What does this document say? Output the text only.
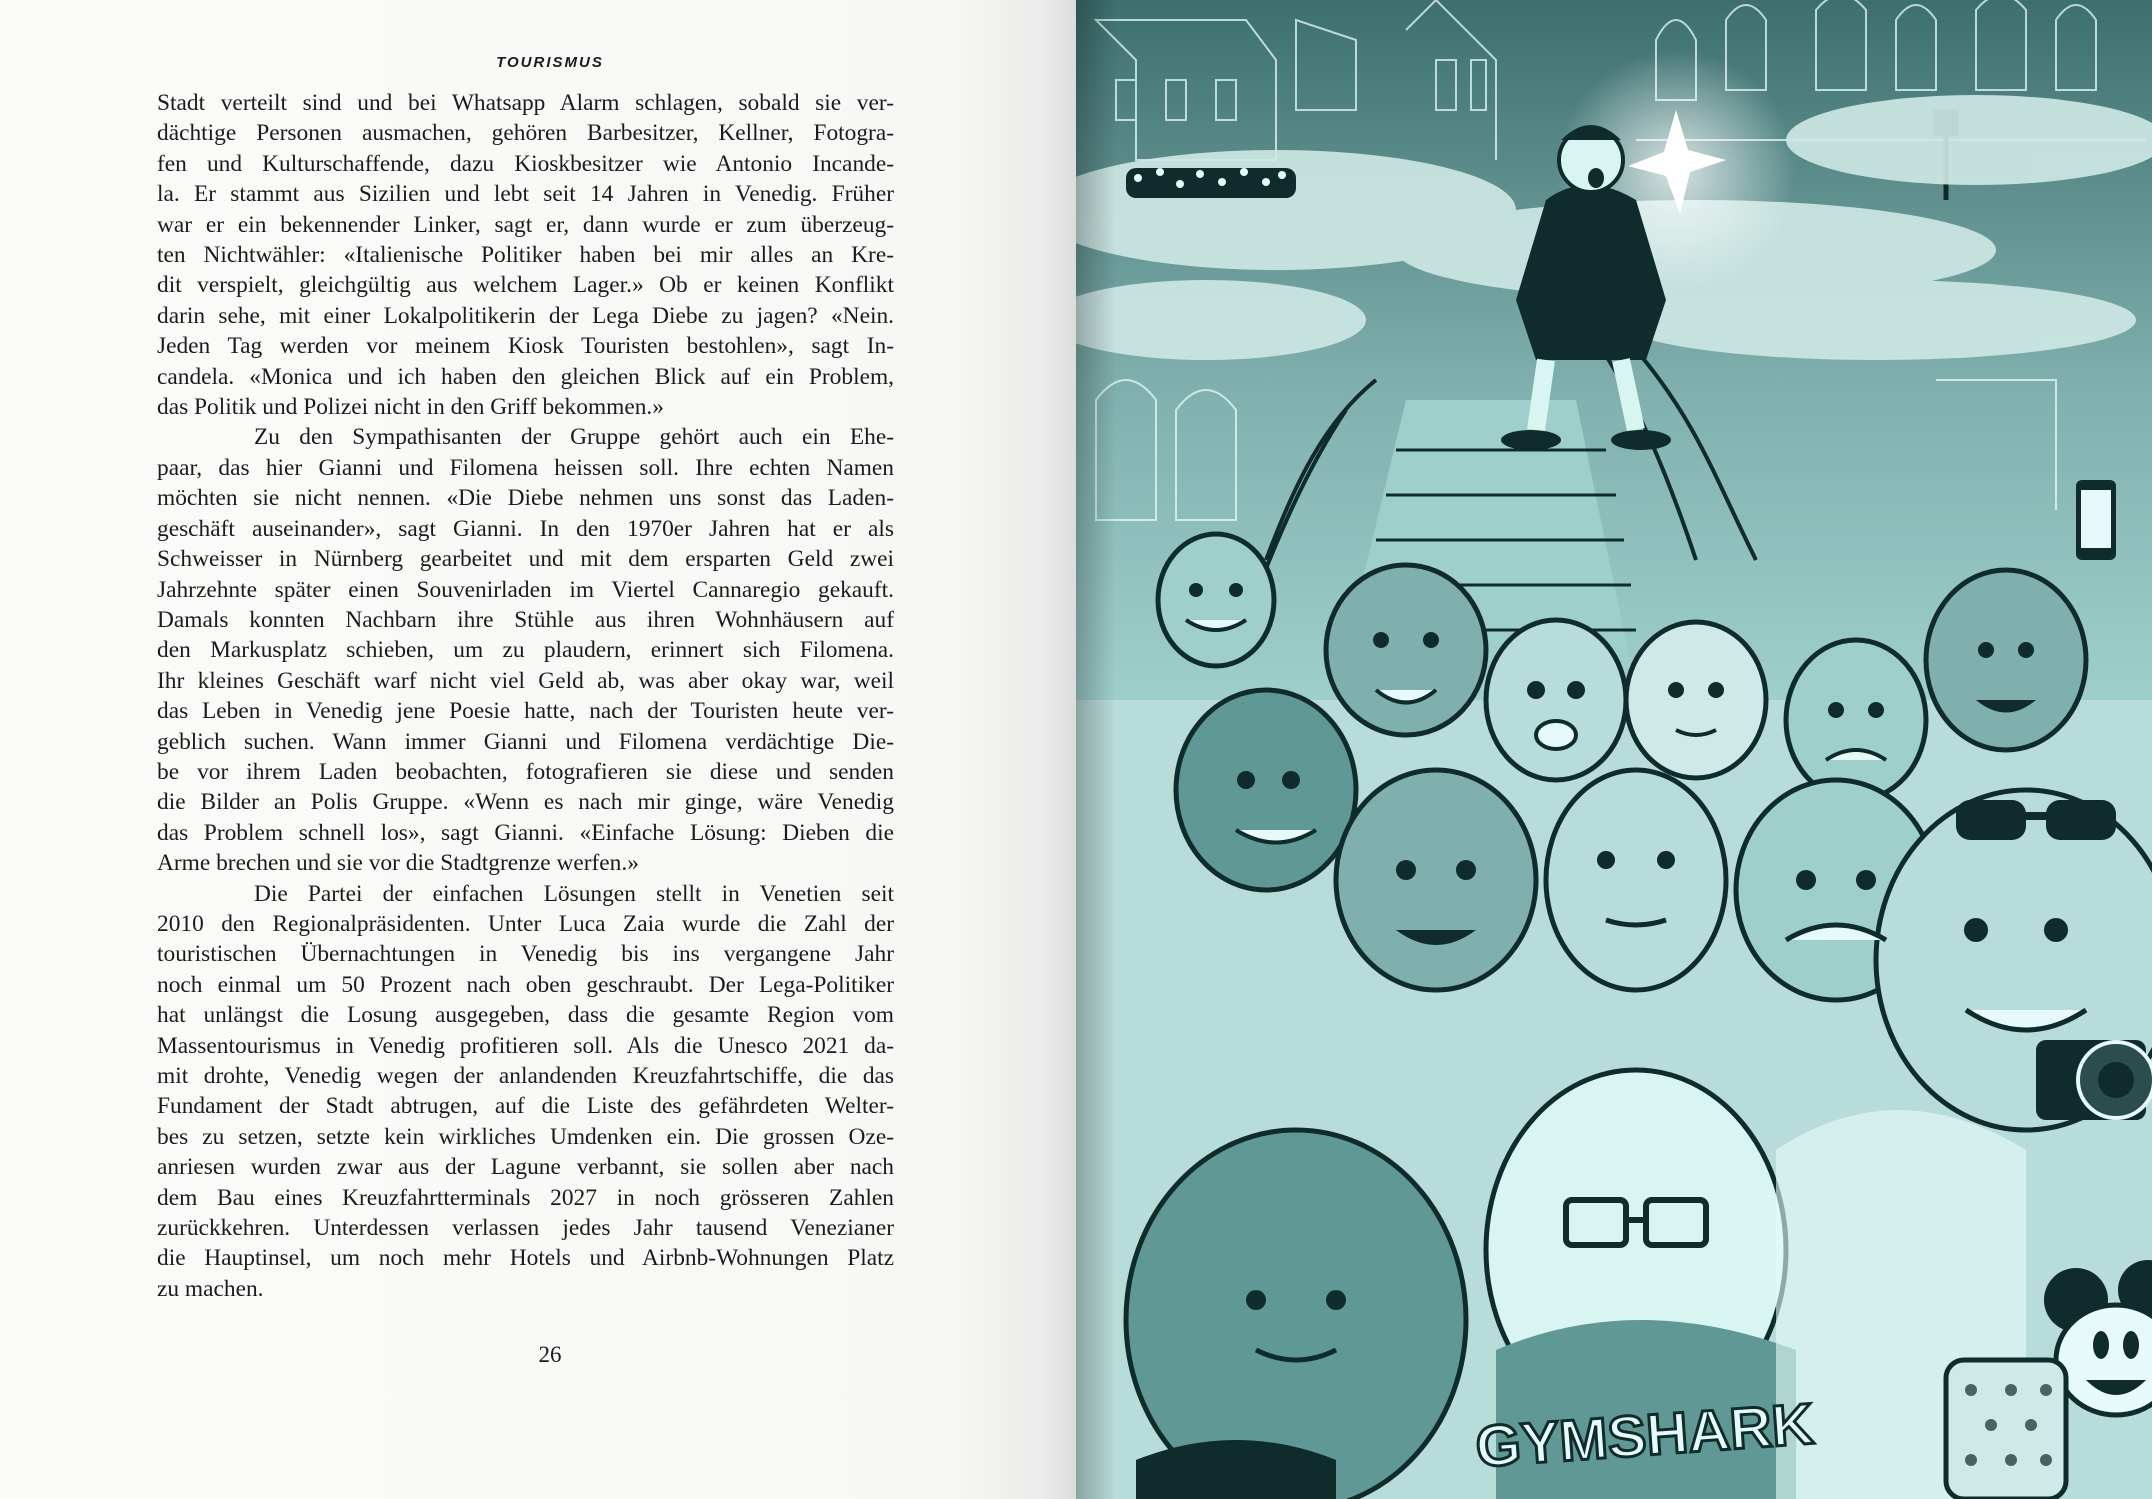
TOURISMUS
Stadt verteilt sind und bei Whatsapp Alarm schlagen, sobald sie ver-
dächtige Personen ausmachen, gehören Barbesitzer, Kellner, Fotogra-
fen und Kulturschaffende, dazu Kioskbesitzer wie Antonio Incande-
la. Er stammt aus Sizilien und lebt seit 14 Jahren in Venedig. Früher
war er ein bekennender Linker, sagt er, dann wurde er zum überzeug-
ten Nichtwähler: «Italienische Politiker haben bei mir alles an Kre-
dit verspielt, gleichgültig aus welchem Lager.» Ob er keinen Konflikt
darin sehe, mit einer Lokalpolitikerin der Lega Diebe zu jagen? «Nein.
Jeden Tag werden vor meinem Kiosk Touristen bestohlen», sagt In-
candela. «Monica und ich haben den gleichen Blick auf ein Problem,
das Politik und Polizei nicht in den Griff bekommen.»
Zu den Sympathisanten der Gruppe gehört auch ein Ehe-
paar, das hier Gianni und Filomena heissen soll. Ihre echten Namen
möchten sie nicht nennen. «Die Diebe nehmen uns sonst das Laden-
geschäft auseinander», sagt Gianni. In den 1970er Jahren hat er als
Schweisser in Nürnberg gearbeitet und mit dem ersparten Geld zwei
Jahrzehnte später einen Souvenirladen im Viertel Cannaregio gekauft.
Damals konnten Nachbarn ihre Stühle aus ihren Wohnhäusern auf
den Markusplatz schieben, um zu plaudern, erinnert sich Filomena.
Ihr kleines Geschäft warf nicht viel Geld ab, was aber okay war, weil
das Leben in Venedig jene Poesie hatte, nach der Touristen heute ver-
geblich suchen. Wann immer Gianni und Filomena verdächtige Die-
be vor ihrem Laden beobachten, fotografieren sie diese und senden
die Bilder an Polis Gruppe. «Wenn es nach mir ginge, wäre Venedig
das Problem schnell los», sagt Gianni. «Einfache Lösung: Dieben die
Arme brechen und sie vor die Stadtgrenze werfen.»
Die Partei der einfachen Lösungen stellt in Venetien seit
2010 den Regionalpräsidenten. Unter Luca Zaia wurde die Zahl der
touristischen Übernachtungen in Venedig bis ins vergangene Jahr
noch einmal um 50 Prozent nach oben geschraubt. Der Lega-Politiker
hat unlängst die Losung ausgegeben, dass die gesamte Region vom
Massentourismus in Venedig profitieren soll. Als die Unesco 2021 da-
mit drohte, Venedig wegen der anlandenden Kreuzfahrtschiffe, die das
Fundament der Stadt abtrugen, auf die Liste des gefährdeten Welter-
bes zu setzen, setzte kein wirkliches Umdenken ein. Die grossen Oze-
anriesen wurden zwar aus der Lagune verbannt, sie sollen aber nach
dem Bau eines Kreuzfahrtterminals 2027 in noch grösseren Zahlen
zurückkehren. Unterdessen verlassen jedes Jahr tausend Venezianer
die Hauptinsel, um noch mehr Hotels und Airbnb-Wohnungen Platz
zu machen.
26
GYMSHARK
